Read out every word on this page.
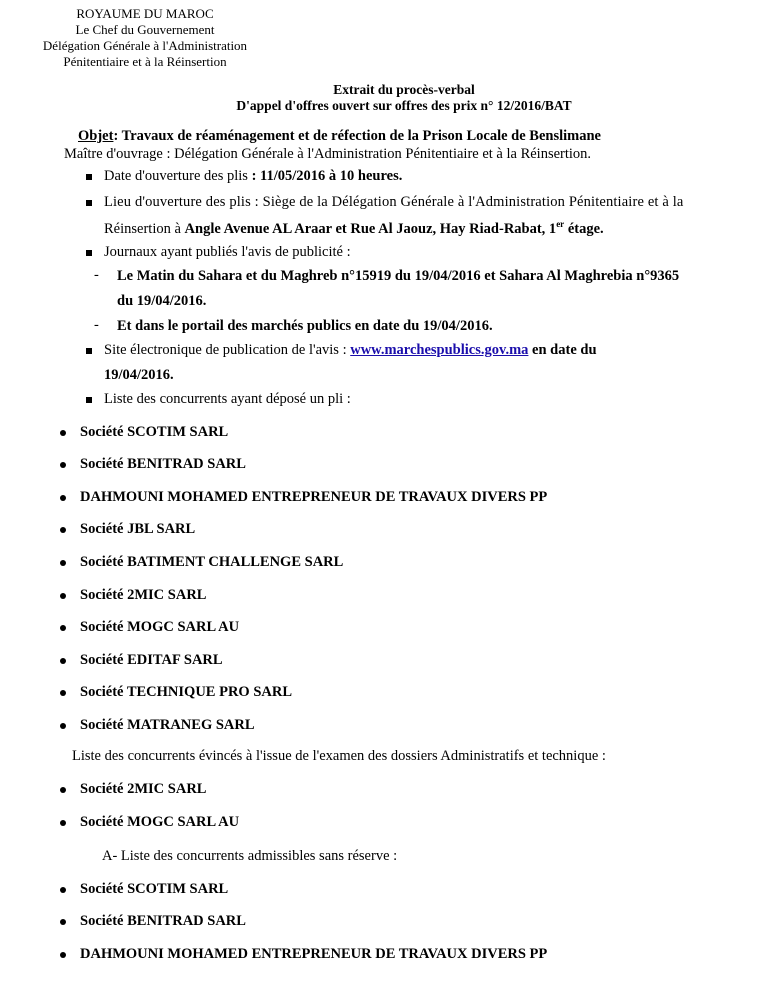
ROYAUME DU MAROC
Le Chef du Gouvernement
Délégation Générale à l'Administration
Pénitentiaire et à la Réinsertion
Extrait du procès-verbal
D'appel d'offres ouvert sur offres des prix n° 12/2016/BAT
Objet: Travaux de réaménagement et de réfection de la Prison Locale de Benslimane
Maître d'ouvrage : Délégation Générale à l'Administration Pénitentiaire et à la Réinsertion.
Date d'ouverture des plis : 11/05/2016 à 10 heures.
Lieu d'ouverture des plis : Siège de la Délégation Générale à l'Administration Pénitentiaire et à la
Réinsertion à Angle Avenue AL Araar et Rue Al Jaouz, Hay Riad-Rabat, 1er étage.
Journaux ayant publiés l'avis de publicité :
- Le Matin du Sahara et du Maghreb n°15919 du 19/04/2016 et Sahara Al Maghrebia n°9365
du 19/04/2016.
- Et dans le portail des marchés publics en date du 19/04/2016.
Site électronique de publication de l'avis : www.marchespublics.gov.ma en date du
19/04/2016.
Liste des concurrents ayant déposé un pli :
Société SCOTIM SARL
Société BENITRAD SARL
DAHMOUNI MOHAMED ENTREPRENEUR DE TRAVAUX DIVERS PP
Société JBL SARL
Société BATIMENT CHALLENGE SARL
Société 2MIC SARL
Société MOGC SARL AU
Société EDITAF SARL
Société TECHNIQUE PRO SARL
Société MATRANEG SARL
Liste des concurrents évincés à l'issue de l'examen des dossiers Administratifs et technique :
Société 2MIC SARL
Société MOGC SARL AU
A- Liste des concurrents admissibles sans réserve :
Société SCOTIM SARL
Société BENITRAD SARL
DAHMOUNI MOHAMED ENTREPRENEUR DE TRAVAUX DIVERS PP
